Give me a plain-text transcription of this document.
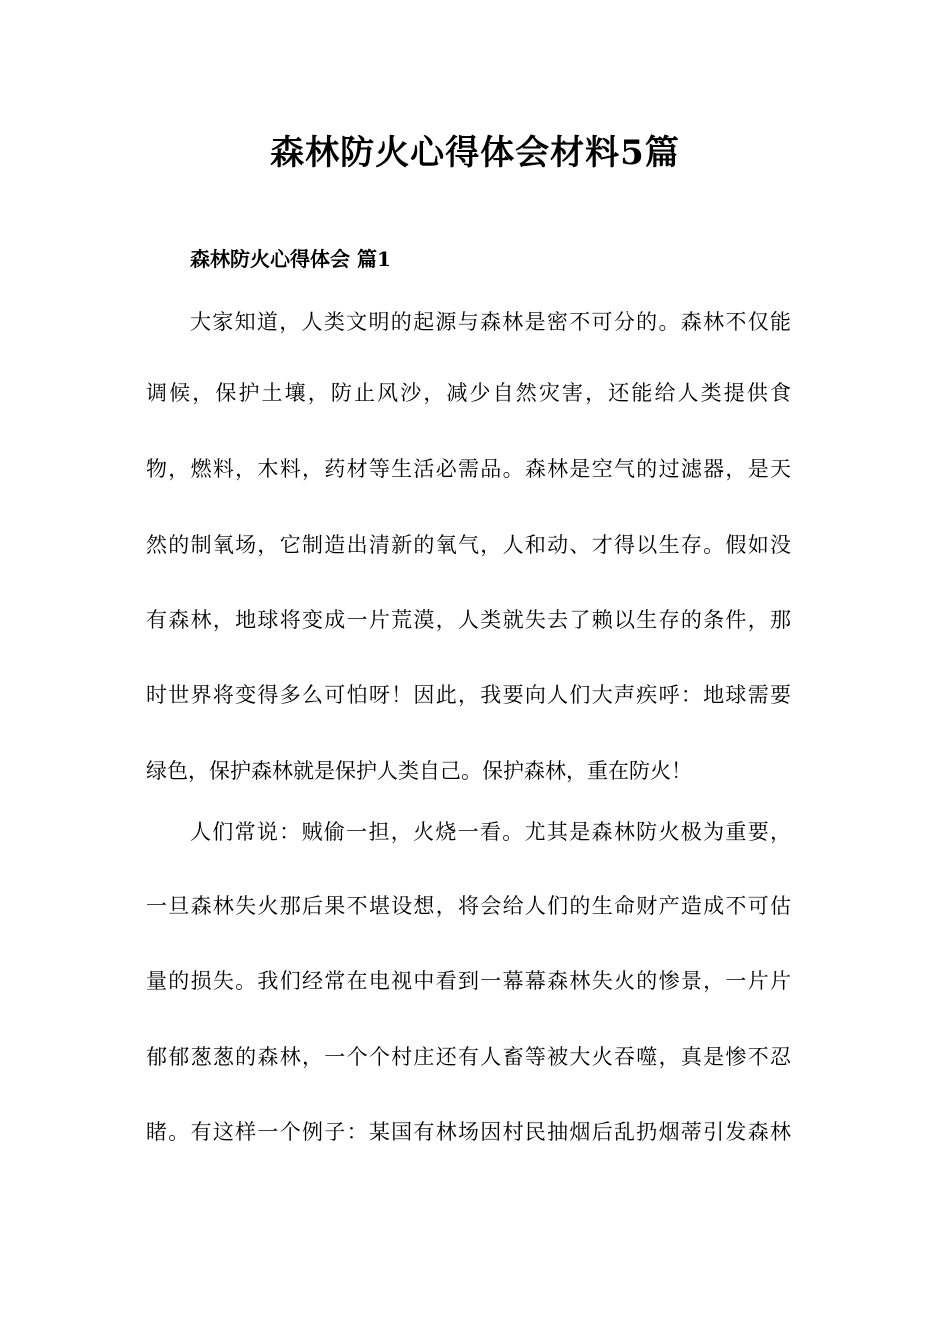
森林防火心得体会材料5篇
森林防火心得体会 篇1
大家知道，人类文明的起源与森林是密不可分的。森林不仅能
调候，保护土壤，防止风沙，减少自然灾害，还能给人类提供食
物，燃料，木料，药材等生活必需品。森林是空气的过滤器，是天
然的制氧场，它制造出清新的氧气，人和动、才得以生存。假如没
有森林，地球将变成一片荒漠，人类就失去了赖以生存的条件，那
时世界将变得多么可怕呀！因此，我要向人们大声疾呼：地球需要
绿色，保护森林就是保护人类自己。保护森林，重在防火！
人们常说：贼偷一担，火烧一看。尤其是森林防火极为重要，
一旦森林失火那后果不堪设想，将会给人们的生命财产造成不可估
量的损失。我们经常在电视中看到一幕幕森林失火的惨景，一片片
郁郁葱葱的森林，一个个村庄还有人畜等被大火吞噬，真是惨不忍
睹。有这样一个例子：某国有林场因村民抽烟后乱扔烟蒂引发森林
